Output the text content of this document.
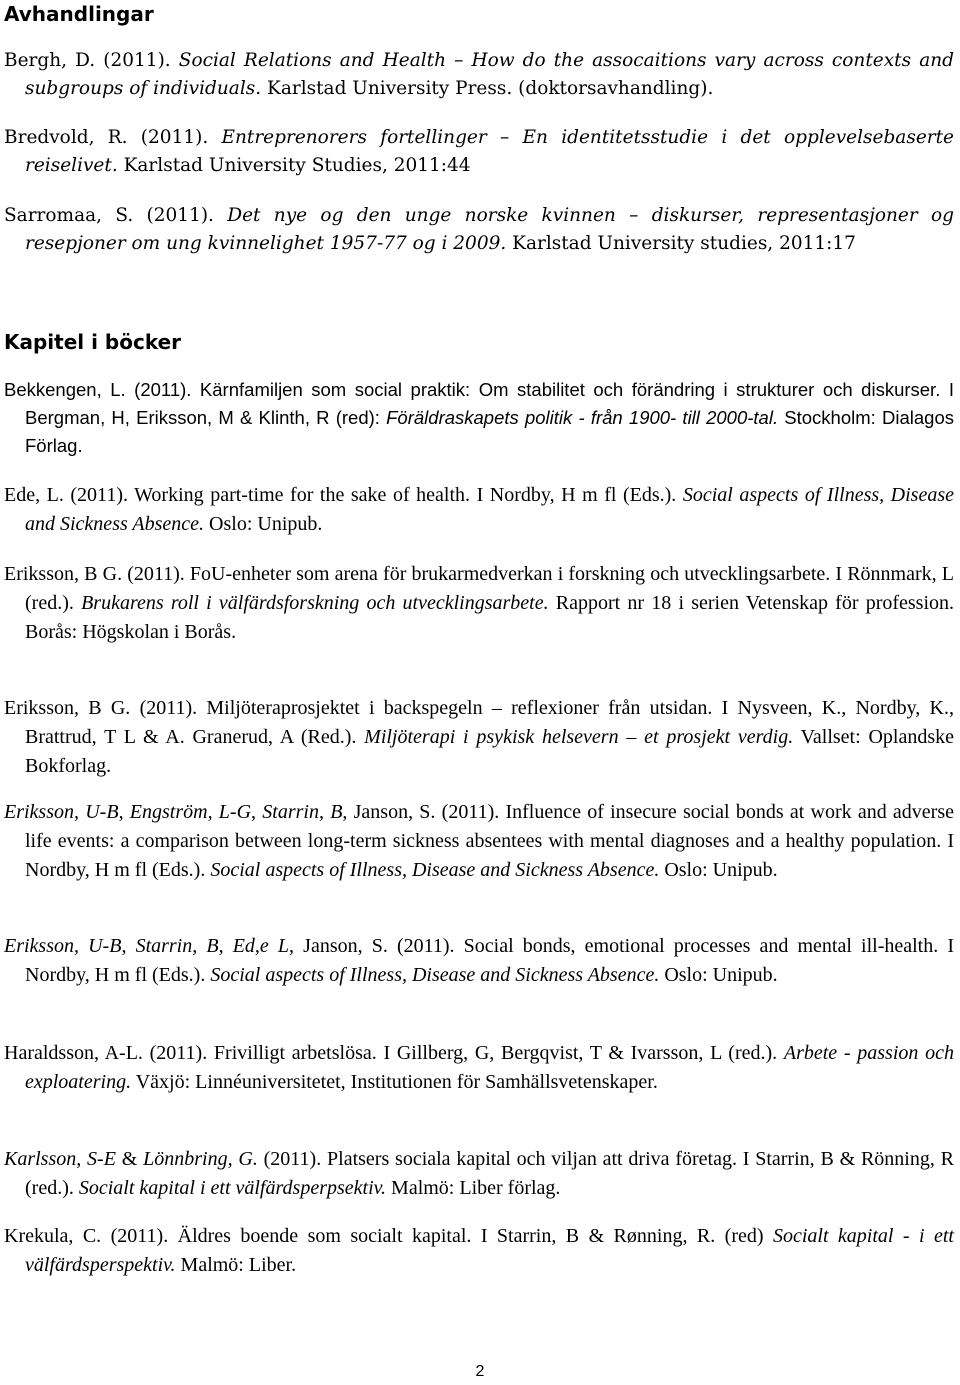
Avhandlingar

Bergh, D. (2011). Social Relations and Health – How do the assocaitions vary across contexts and subgroups of individuals. Karlstad University Press. (doktorsavhandling).

Bredvold, R. (2011). Entreprenorers fortellinger – En identitetsstudie i det opplevelsebaserte reiselivet. Karlstad University Studies, 2011:44

Sarromaa, S. (2011). Det nye og den unge norske kvinnen – diskurser, representasjoner og resepjoner om ung kvinnelighet 1957-77 og i 2009. Karlstad University studies, 2011:17

Kapitel i böcker

Bekkengen, L. (2011). Kärnfamiljen som social praktik: Om stabilitet och förändring i strukturer och diskurser. I Bergman, H, Eriksson, M & Klinth, R (red): Föräldraskapets politik - från 1900- till 2000-tal. Stockholm: Dialagos Förlag.

Ede, L. (2011). Working part-time for the sake of health. I Nordby, H m fl (Eds.). Social aspects of Illness, Disease and Sickness Absence. Oslo: Unipub.

Eriksson, B G. (2011). FoU-enheter som arena för brukarmedverkan i forskning och utvecklingsarbete. I Rönnmark, L (red.). Brukarens roll i välfärdsforskning och utvecklingsarbete. Rapport nr 18 i serien Vetenskap för profession. Borås: Högskolan i Borås.

Eriksson, B G. (2011). Miljöteraprosjektet i backspegeln – reflexioner från utsidan. I Nysveen, K., Nordby, K., Brattrud, T L & A. Granerud, A (Red.). Miljöterapi i psykisk helsevern – et prosjekt verdig. Vallset: Oplandske Bokforlag.

Eriksson, U-B, Engström, L-G, Starrin, B, Janson, S. (2011). Influence of insecure social bonds at work and adverse life events: a comparison between long-term sickness absentees with mental diagnoses and a healthy population. I Nordby, H m fl (Eds.). Social aspects of Illness, Disease and Sickness Absence. Oslo: Unipub.

Eriksson, U-B, Starrin, B, Ed,e L, Janson, S. (2011). Social bonds, emotional processes and mental ill-health. I Nordby, H m fl (Eds.). Social aspects of Illness, Disease and Sickness Absence. Oslo: Unipub.

Haraldsson, A-L. (2011). Frivilligt arbetslösa. I Gillberg, G, Bergqvist, T & Ivarsson, L (red.). Arbete - passion och exploatering. Växjö: Linnéuniversitetet, Institutionen för Samhällsvetenskaper.

Karlsson, S-E & Lönnbring, G. (2011). Platsers sociala kapital och viljan att driva företag. I Starrin, B & Rönning, R (red.). Socialt kapital i ett välfärdsperpsektiv. Malmö: Liber förlag.

Krekula, C. (2011). Äldres boende som socialt kapital. I Starrin, B & Rønning, R. (red) Socialt kapital - i ett välfärdsperspektiv. Malmö: Liber.

2
